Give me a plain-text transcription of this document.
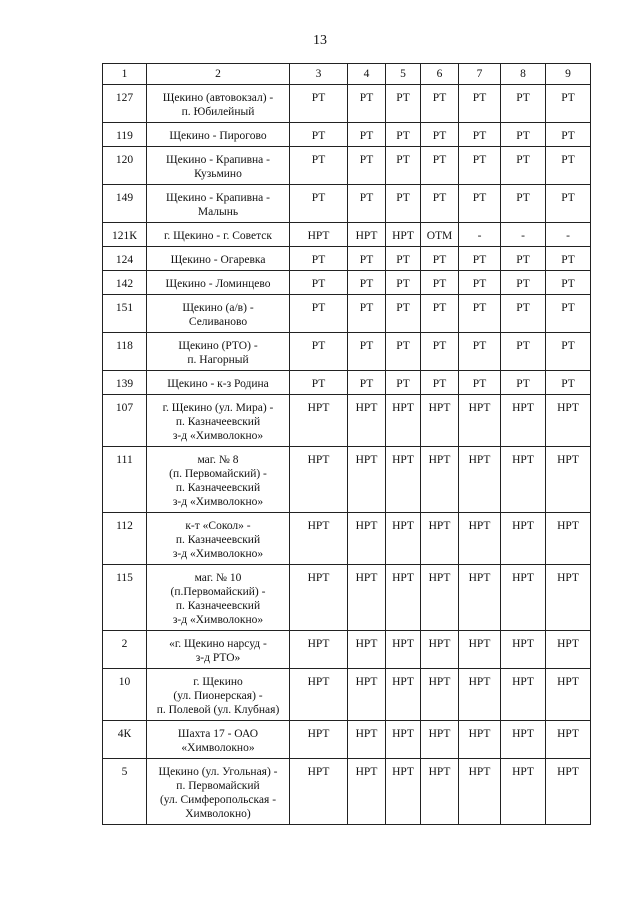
13
1	2	3	4	5	6	7	8	9
127	Щекино (автовокзал) -
п. Юбилейный	РТ	РТ	РТ	РТ	РТ	РТ	РТ
119	Щекино - Пирогово	РТ	РТ	РТ	РТ	РТ	РТ	РТ
120	Щекино - Крапивна -
Кузьмино	РТ	РТ	РТ	РТ	РТ	РТ	РТ
149	Щекино - Крапивна -
Малынь	РТ	РТ	РТ	РТ	РТ	РТ	РТ
121К	г. Щекино - г. Советск	НРТ	НРТ	НРТ	ОТМ	-	-	-
124	Щекино - Огаревка	РТ	РТ	РТ	РТ	РТ	РТ	РТ
142	Щекино - Ломинцево	РТ	РТ	РТ	РТ	РТ	РТ	РТ
151	Щекино (а/в) -
Селиваново	РТ	РТ	РТ	РТ	РТ	РТ	РТ
118	Щекино (РТО) -
п. Нагорный	РТ	РТ	РТ	РТ	РТ	РТ	РТ
139	Щекино - к-з Родина	РТ	РТ	РТ	РТ	РТ	РТ	РТ
107	г. Щекино (ул. Мира) -
п. Казначеевский
з-д «Химволокно»	НРТ	НРТ	НРТ	НРТ	НРТ	НРТ	НРТ
111	маг. № 8
(п. Первомайский) -
п. Казначеевский
з-д «Химволокно»	НРТ	НРТ	НРТ	НРТ	НРТ	НРТ	НРТ
112	к-т «Сокол» -
п. Казначеевский
з-д «Химволокно»	НРТ	НРТ	НРТ	НРТ	НРТ	НРТ	НРТ
115	маг. № 10
(п.Первомайский) -
п. Казначеевский
з-д «Химволокно»	НРТ	НРТ	НРТ	НРТ	НРТ	НРТ	НРТ
2	«г. Щекино нарсуд -
з-д РТО»	НРТ	НРТ	НРТ	НРТ	НРТ	НРТ	НРТ
10	г. Щекино
(ул. Пионерская) -
п. Полевой (ул. Клубная)	НРТ	НРТ	НРТ	НРТ	НРТ	НРТ	НРТ
4К	Шахта 17 - ОАО
«Химволокно»	НРТ	НРТ	НРТ	НРТ	НРТ	НРТ	НРТ
5	Щекино (ул. Угольная) -
п. Первомайский
(ул. Симферопольская -
Химволокно)	НРТ	НРТ	НРТ	НРТ	НРТ	НРТ	НРТ
